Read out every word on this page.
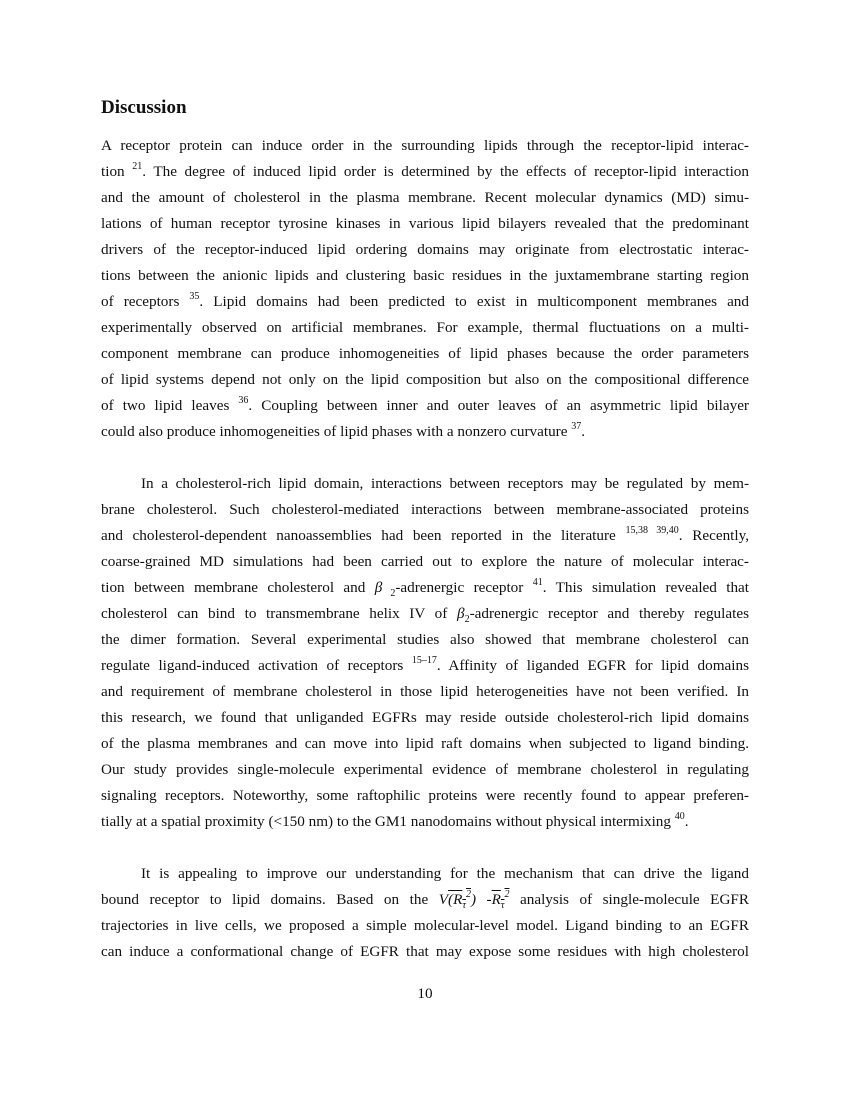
Discussion
A receptor protein can induce order in the surrounding lipids through the receptor-lipid interac-
tion $^{21}$. The degree of induced lipid order is determined by the effects of receptor-lipid interaction
and the amount of cholesterol in the plasma membrane. Recent molecular dynamics (MD) simu-
lations of human receptor tyrosine kinases in various lipid bilayers revealed that the predominant
drivers of the receptor-induced lipid ordering domains may originate from electrostatic interac-
tions between the anionic lipids and clustering basic residues in the juxtamembrane starting region
of receptors $^{35}$. Lipid domains had been predicted to exist in multicomponent membranes and
experimentally observed on artificial membranes. For example, thermal fluctuations on a multi-
component membrane can produce inhomogeneities of lipid phases because the order parameters
of lipid systems depend not only on the lipid composition but also on the compositional difference
of two lipid leaves $^{36}$. Coupling between inner and outer leaves of an asymmetric lipid bilayer
could also produce inhomogeneities of lipid phases with a nonzero curvature $^{37}$.
In a cholesterol-rich lipid domain, interactions between receptors may be regulated by mem-
brane cholesterol. Such cholesterol-mediated interactions between membrane-associated proteins
and cholesterol-dependent nanoassemblies had been reported in the literature $^{15,38 39,40}$. Recently,
coarse-grained MD simulations had been carried out to explore the nature of molecular interac-
tion between membrane cholesterol and β $_2$-adrenergic receptor $^{41}$. This simulation revealed that
cholesterol can bind to transmembrane helix IV of $\beta_2$-adrenergic receptor and thereby regulates
the dimer formation. Several experimental studies also showed that membrane cholesterol can
regulate ligand-induced activation of receptors $^{15-17}$. Affinity of liganded EGFR for lipid domains
and requirement of membrane cholesterol in those lipid heterogeneities have not been verified. In
this research, we found that unliganded EGFRs may reside outside cholesterol-rich lipid domains
of the plasma membranes and can move into lipid raft domains when subjected to ligand binding.
Our study provides single-molecule experimental evidence of membrane cholesterol in regulating
signaling receptors. Noteworthy, some raftophilic proteins were recently found to appear preferen-
tially at a spatial proximity (<150 nm) to the GM1 nanodomains without physical intermixing $^{40}$.
It is appealing to improve our understanding for the mechanism that can drive the ligand
bound receptor to lipid domains. Based on the $V(R_\tau^2)$ $-R_\tau^2$ analysis of single-molecule EGFR
trajectories in live cells, we proposed a simple molecular-level model. Ligand binding to an EGFR
can induce a conformational change of EGFR that may expose some residues with high cholesterol
10
